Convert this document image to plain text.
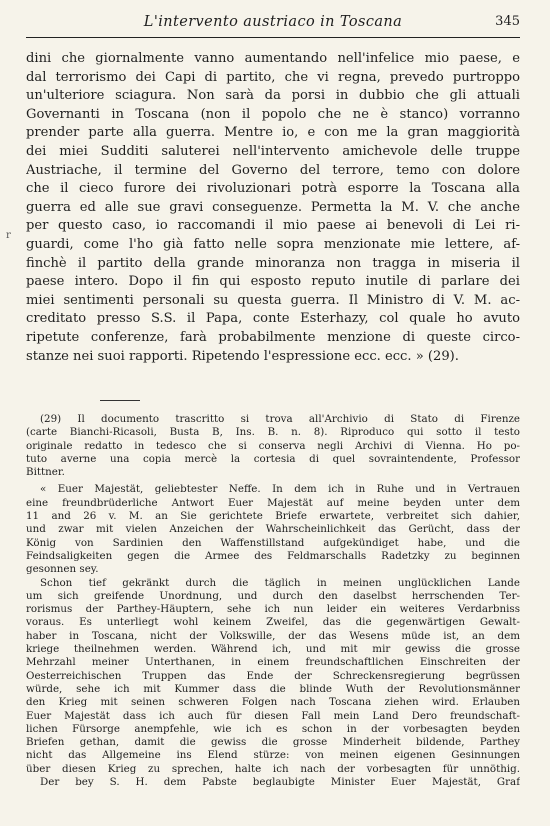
L'intervento austriaco in Toscana	345
r
dini che giornalmente vanno aumentando nell'infelice mio paese, e
dal terrorismo dei Capi di partito, che vi regna, prevedo purtroppo
un'ulteriore sciagura. Non sarà da porsi in dubbio che gli attuali
Governanti in Toscana (non il popolo che ne è stanco) vorranno
prender parte alla guerra. Mentre io, e con me la gran maggiorità
dei miei Sudditi saluterei nell'intervento amichevole delle truppe
Austriache, il termine del Governo del terrore, temo con dolore
che il cieco furore dei rivoluzionari potrà esporre la Toscana alla
guerra ed alle sue gravi conseguenze. Permetta la M. V. che anche
per questo caso, io raccomandi il mio paese ai benevoli di Lei ri-
guardi, come l'ho già fatto nelle sopra menzionate mie lettere, af-
finchè il partito della grande minoranza non tragga in miseria il
paese intero. Dopo il fin qui esposto reputo inutile di parlare dei
miei sentimenti personali su questa guerra. Il Ministro di V. M. ac-
creditato presso S.S. il Papa, conte Esterhazy, col quale ho avuto
ripetute conferenze, farà probabilmente menzione di queste circo-
stanze nei suoi rapporti. Ripetendo l'espressione ecc. ecc. » (29).
(29) Il documento trascritto si trova all'Archivio di Stato di Firenze
(carte Bianchi-Ricasoli, Busta B, Ins. B. n. 8). Riproduco qui sotto il testo
originale redatto in tedesco che si conserva negli Archivi di Vienna. Ho po-
tuto averne una copia mercè la cortesia di quel sovraintendente, Professor
Bittner.
« Euer Majestät, geliebtester Neffe. In dem ich in Ruhe und in Vertrauen
eine freundbrüderliche Antwort Euer Majestät auf meine beyden unter dem
11 and 26 v. M. an Sie gerichtete Briefe erwartete, verbreitet sich dahier,
und zwar mit vielen Anzeichen der Wahrscheinlichkeit das Gerücht, dass der
König von Sardinien den Waffenstillstand aufgekündiget habe, und die
Feindsaligkeiten gegen die Armee des Feldmarschalls Radetzky zu beginnen
gesonnen sey.
Schon tief gekränkt durch die täglich in meinen unglücklichen Lande
um sich greifende Unordnung, und durch den daselbst herrschenden Ter-
rorismus der Parthey-Häuptern, sehe ich nun leider ein weiteres Verdarbniss
voraus. Es unterliegt wohl keinem Zweifel, das die gegenwärtigen Gewalt-
haber in Toscana, nicht der Volkswille, der das Wesens müde ist, an dem
kriege theilnehmen werden. Während ich, und mit mir gewiss die grosse
Mehrzahl meiner Unterthanen, in einem freundschaftlichen Einschreiten der
Oesterreichischen Truppen das Ende der Schreckensregierung begrüssen
würde, sehe ich mit Kummer dass die blinde Wuth der Revolutionsmänner
den Krieg mit seinen schweren Folgen nach Toscana ziehen wird. Erlauben
Euer Majestät dass ich auch für diesen Fall mein Land Dero freundschaft-
lichen Fürsorge anempfehle, wie ich es schon in der vorbesagten beyden
Briefen gethan, damit die gewiss die grosse Minderheit bildende, Parthey
nicht das Allgemeine ins Elend stürze: von meinen eigenen Gesinnungen
über diesen Krieg zu sprechen, halte ich nach der vorbesagten für unnöthig.
Der bey S. H. dem Pabste beglaubigte Minister Euer Majestät, Graf
